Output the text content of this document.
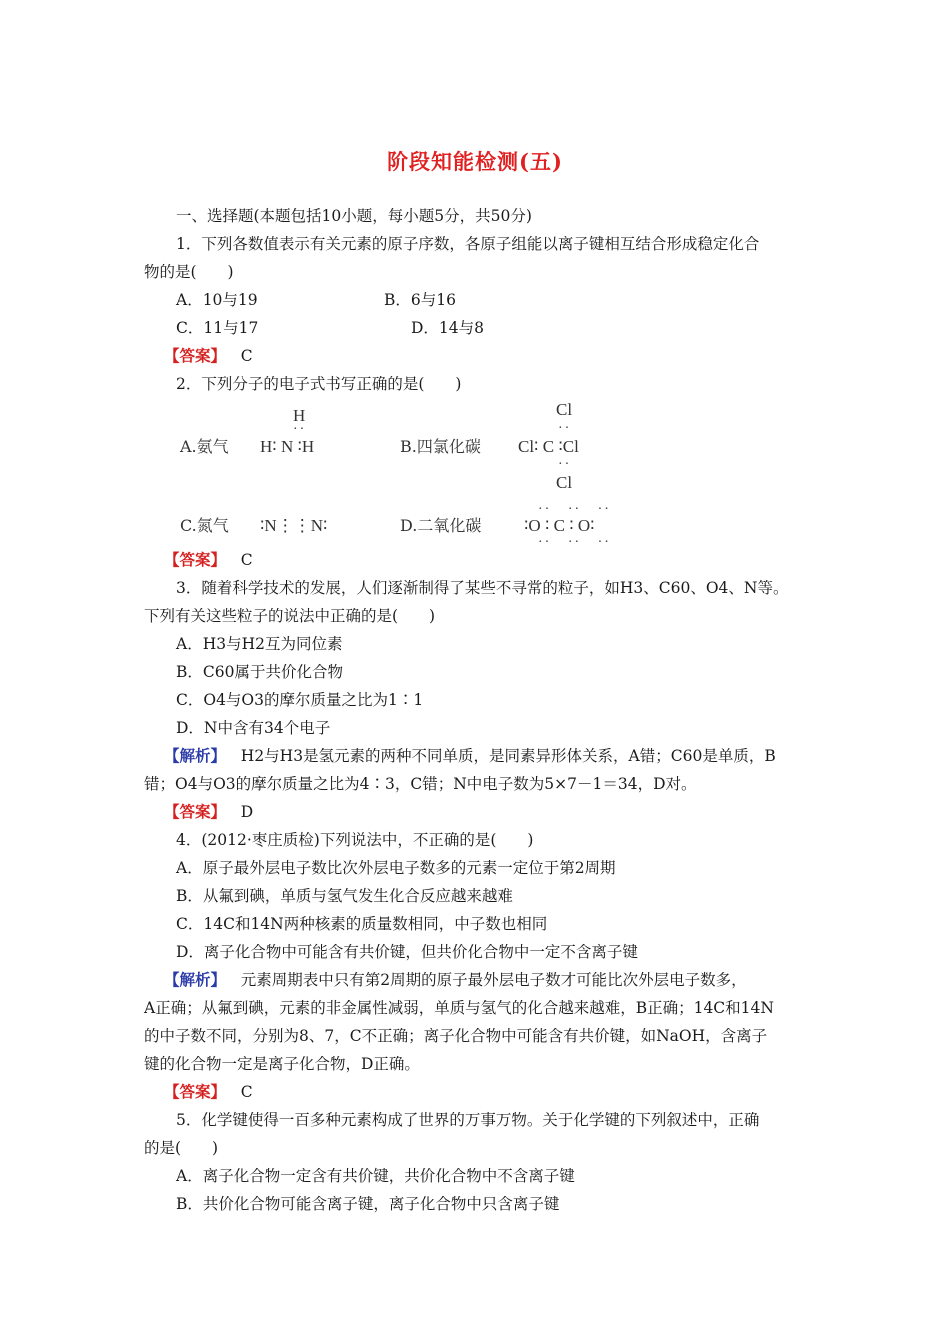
阶段知能检测(五)
一、选择题(本题包括10小题，每小题5分，共50分)
1．下列各数值表示有关元素的原子序数，各原子组能以离子键相互结合形成稳定化合
物的是(　　)
A．10与19	B．6与16
C．11与17	D．14与8
【答案】 C
2．下列分子的电子式书写正确的是(　　)
H
··
A.氨气 H∶ N ∶H
Cl
··
B.四氯化碳 Cl∶ C ∶Cl
··
Cl
··   ··   ··
C.氮气 ∶N⋮⋮N∶	D.二氧化碳	∶O ∶ C ∶ O∶
··   ··   ··
【答案】 C
3．随着科学技术的发展，人们逐渐制得了某些不寻常的粒子，如H3、C60、O4、N等。
下列有关这些粒子的说法中正确的是(　　)
A．H3与H2互为同位素
B．C60属于共价化合物
C．O4与O3的摩尔质量之比为1∶1
D．N中含有34个电子
【解析】 H2与H3是氢元素的两种不同单质，是同素异形体关系，A错；C60是单质，B
错；O4与O3的摩尔质量之比为4∶3，C错；N中电子数为5×7－1＝34，D对。
【答案】 D
4．(2012·枣庄质检)下列说法中，不正确的是(　　)
A．原子最外层电子数比次外层电子数多的元素一定位于第2周期
B．从氟到碘，单质与氢气发生化合反应越来越难
C．14C和14N两种核素的质量数相同，中子数也相同
D．离子化合物中可能含有共价键，但共价化合物中一定不含离子键
【解析】 元素周期表中只有第2周期的原子最外层电子数才可能比次外层电子数多，
A正确；从氟到碘，元素的非金属性减弱，单质与氢气的化合越来越难，B正确；14C和14N
的中子数不同，分别为8、7，C不正确；离子化合物中可能含有共价键，如NaOH，含离子
键的化合物一定是离子化合物，D正确。
【答案】 C
5．化学键使得一百多种元素构成了世界的万事万物。关于化学键的下列叙述中，正确
的是(　　)
A．离子化合物一定含有共价键，共价化合物中不含离子键
B．共价化合物可能含离子键，离子化合物中只含离子键
